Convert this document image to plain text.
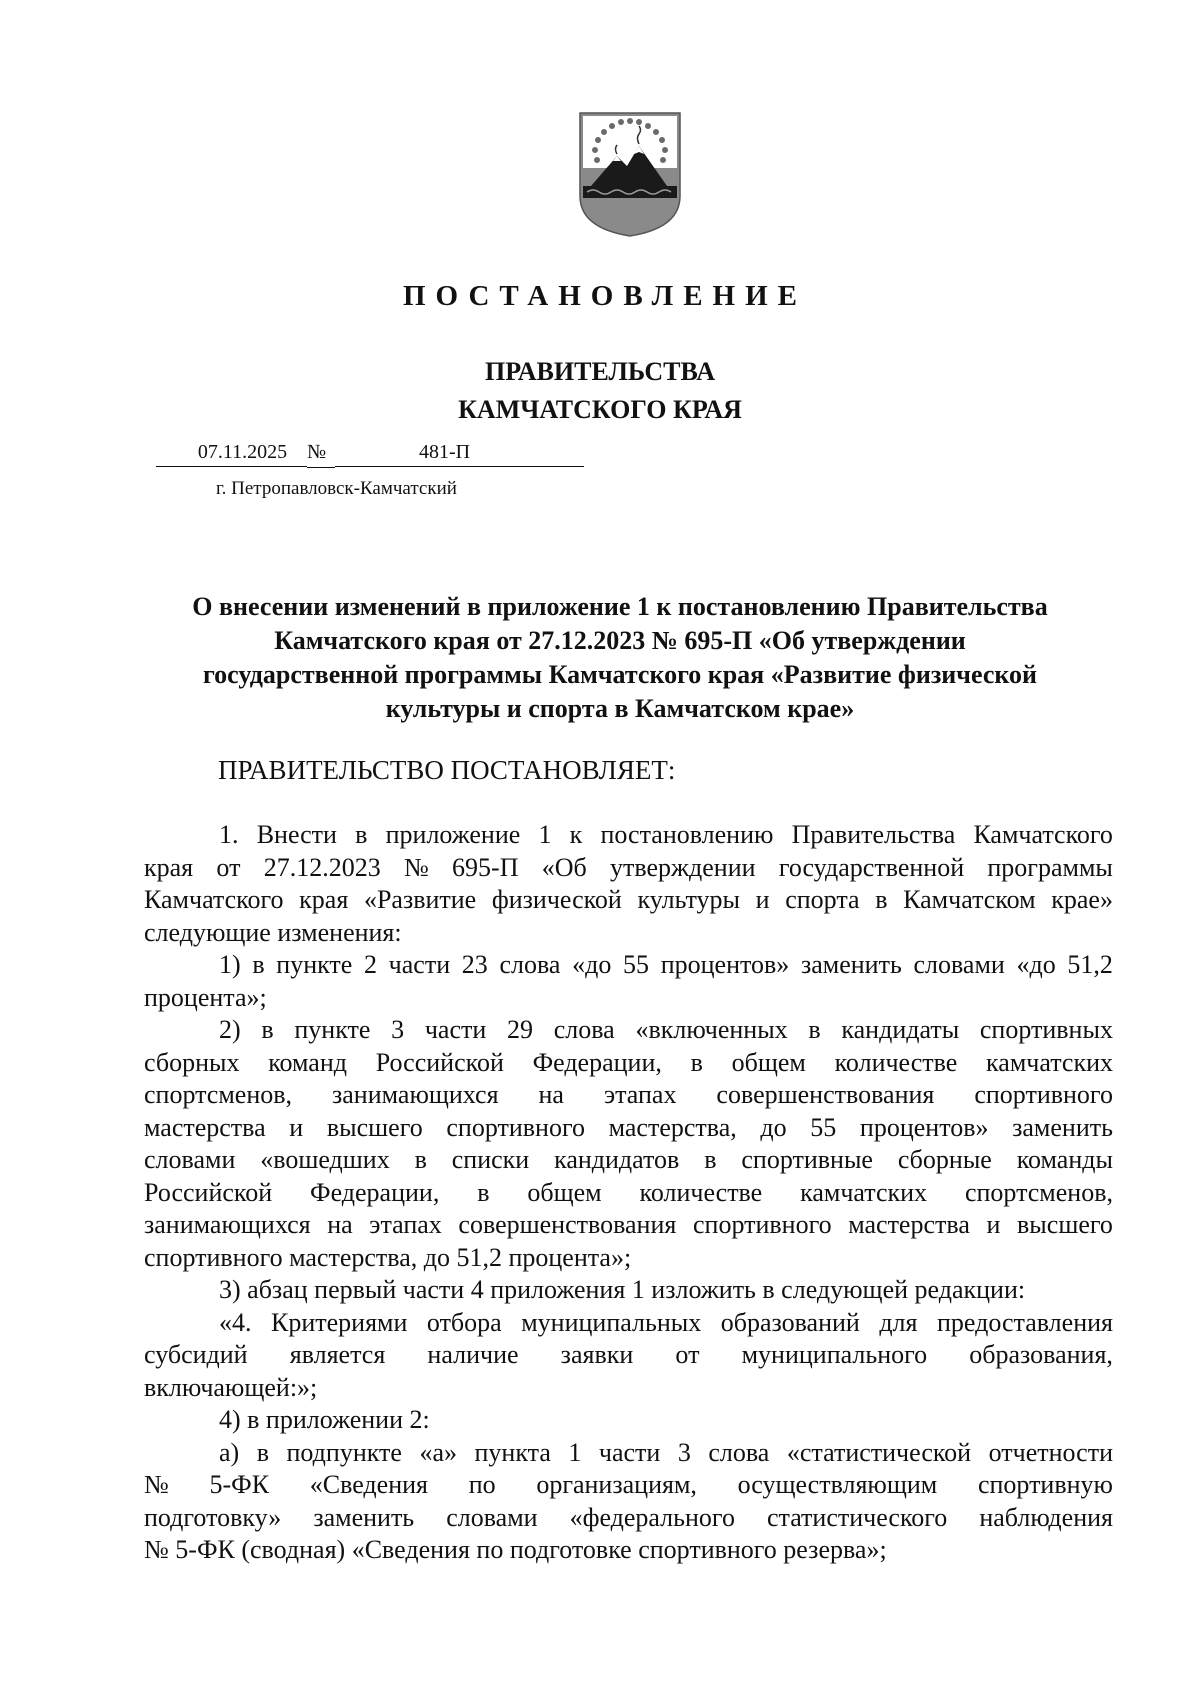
ПОСТАНОВЛЕНИЕ
ПРАВИТЕЛЬСТВА
КАМЧАТСКОГО КРАЯ
07.11.2025 №	481-П
г. Петропавловск-Камчатский
О внесении изменений в приложение 1 к постановлению Правительства
Камчатского края от 27.12.2023 № 695-П «Об утверждении
государственной программы Камчатского края «Развитие физической
культуры и спорта в Камчатском крае»
ПРАВИТЕЛЬСТВО ПОСТАНОВЛЯЕТ:
1. Внести в приложение 1 к постановлению Правительства Камчатского
края от 27.12.2023 № 695-П «Об утверждении государственной программы
Камчатского края «Развитие физической культуры и спорта в Камчатском крае»
следующие изменения:
1) в пункте 2 части 23 слова «до 55 процентов» заменить словами «до 51,2
процента»;
2) в пункте 3 части 29 слова «включенных в кандидаты спортивных
сборных команд Российской Федерации, в общем количестве камчатских
спортсменов, занимающихся на этапах совершенствования спортивного
мастерства и высшего спортивного мастерства, до 55 процентов» заменить
словами «вошедших в списки кандидатов в спортивные сборные команды
Российской Федерации, в общем количестве камчатских спортсменов,
занимающихся на этапах совершенствования спортивного мастерства и высшего
спортивного мастерства, до 51,2 процента»;
3) абзац первый части 4 приложения 1 изложить в следующей редакции:
«4. Критериями отбора муниципальных образований для предоставления
субсидий является наличие заявки от муниципального образования,
включающей:»;
4) в приложении 2:
а) в подпункте «а» пункта 1 части 3 слова «статистической отчетности
№ 5-ФК «Сведения по организациям, осуществляющим спортивную
подготовку» заменить словами «федерального статистического наблюдения
№ 5-ФК (сводная) «Сведения по подготовке спортивного резерва»;
